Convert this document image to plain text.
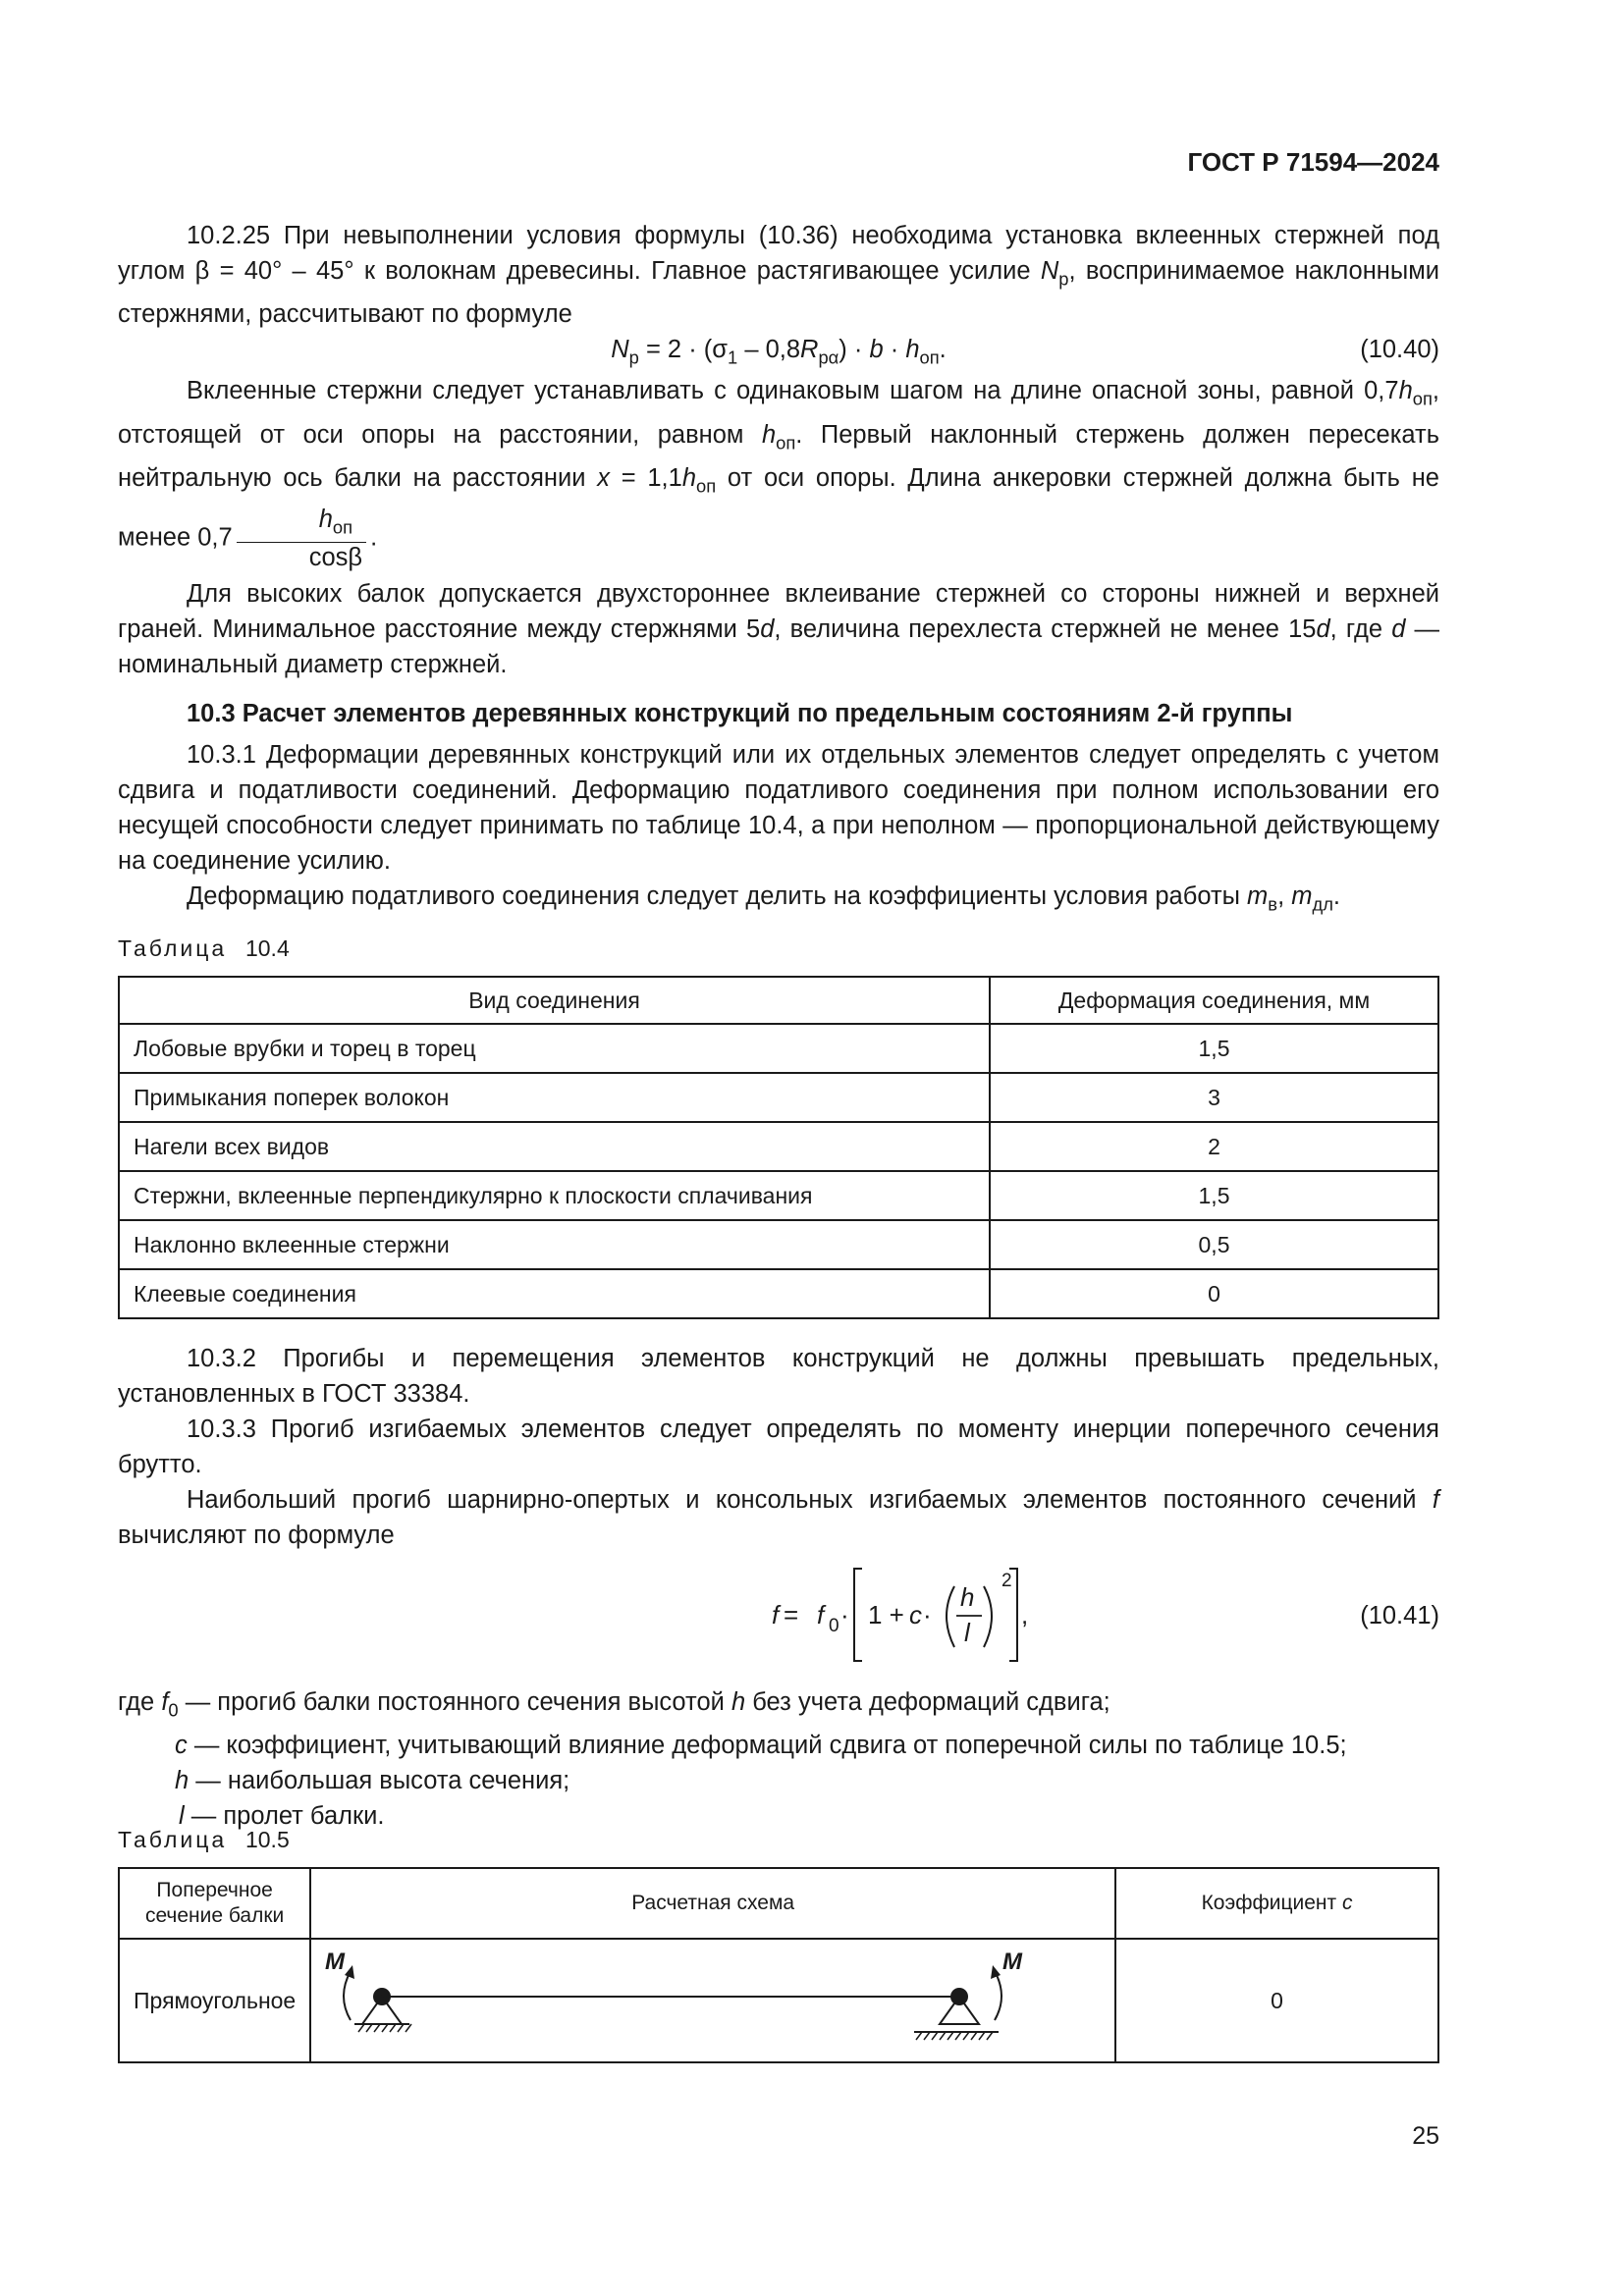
ГОСТ Р 71594—2024

10.2.25 При невыполнении условия формулы (10.36) необходима установка вклеенных стержней под углом β = 40° – 45° к волокнам древесины. Главное растягивающее усилие $N_р$, воспринимаемое наклонными стержнями, рассчитывают по формуле

$N_р = 2 \cdot (\sigma_1 - 0,8R_{р\alpha}) \cdot b \cdot h_{оп}$.	(10.40)

Вклеенные стержни следует устанавливать с одинаковым шагом на длине опасной зоны, равной $0,7h_{оп}$, отстоящей от оси опоры на расстоянии, равном $h_{оп}$. Первый наклонный стержень должен пересекать нейтральную ось балки на расстоянии $x = 1,1h_{оп}$ от оси опоры. Длина анкеровки стержней должна быть не менее $0,7 \frac{h_{оп}}{\cos\beta}$ .

Для высоких балок допускается двухстороннее вклеивание стержней со стороны нижней и верхней граней. Минимальное расстояние между стержнями 5d, величина перехлеста стержней не менее 15d, где d — номинальный диаметр стержней.

10.3 Расчет элементов деревянных конструкций по предельным состояниям 2-й группы

10.3.1 Деформации деревянных конструкций или их отдельных элементов следует определять с учетом сдвига и податливости соединений. Деформацию податливого соединения при полном использовании его несущей способности следует принимать по таблице 10.4, а при неполном — пропорциональной действующему на соединение усилию.

Деформацию податливого соединения следует делить на коэффициенты условия работы $m_в$, $m_{дл}$.

Таблица 10.4
Вид соединения	Деформация соединения, мм
Лобовые врубки и торец в торец	1,5
Примыкания поперек волокон	3
Нагели всех видов	2
Стержни, вклеенные перпендикулярно к плоскости сплачивания	1,5
Наклонно вклеенные стержни	0,5
Клеевые соединения	0

10.3.2 Прогибы и перемещения элементов конструкций не должны превышать предельных, установленных в ГОСТ 33384.

10.3.3 Прогиб изгибаемых элементов следует определять по моменту инерции поперечного сечения брутто.

Наибольший прогиб шарнирно-опертых и консольных изгибаемых элементов постоянного сечений f вычисляют по формуле

f = f 0 · 1 + c ·
h
l
2
,	(10.41)
где $f_0$ — прогиб балки постоянного сечения высотой h без учета деформаций сдвига;
c — коэффициент, учитывающий влияние деформаций сдвига от поперечной силы по таблице 10.5;
h — наибольшая высота сечения;
l — пролет балки.
Таблица 10.5
Поперечное сечение балки	Расчетная схема	Коэффициент c
Прямоугольное	M M	0
25
